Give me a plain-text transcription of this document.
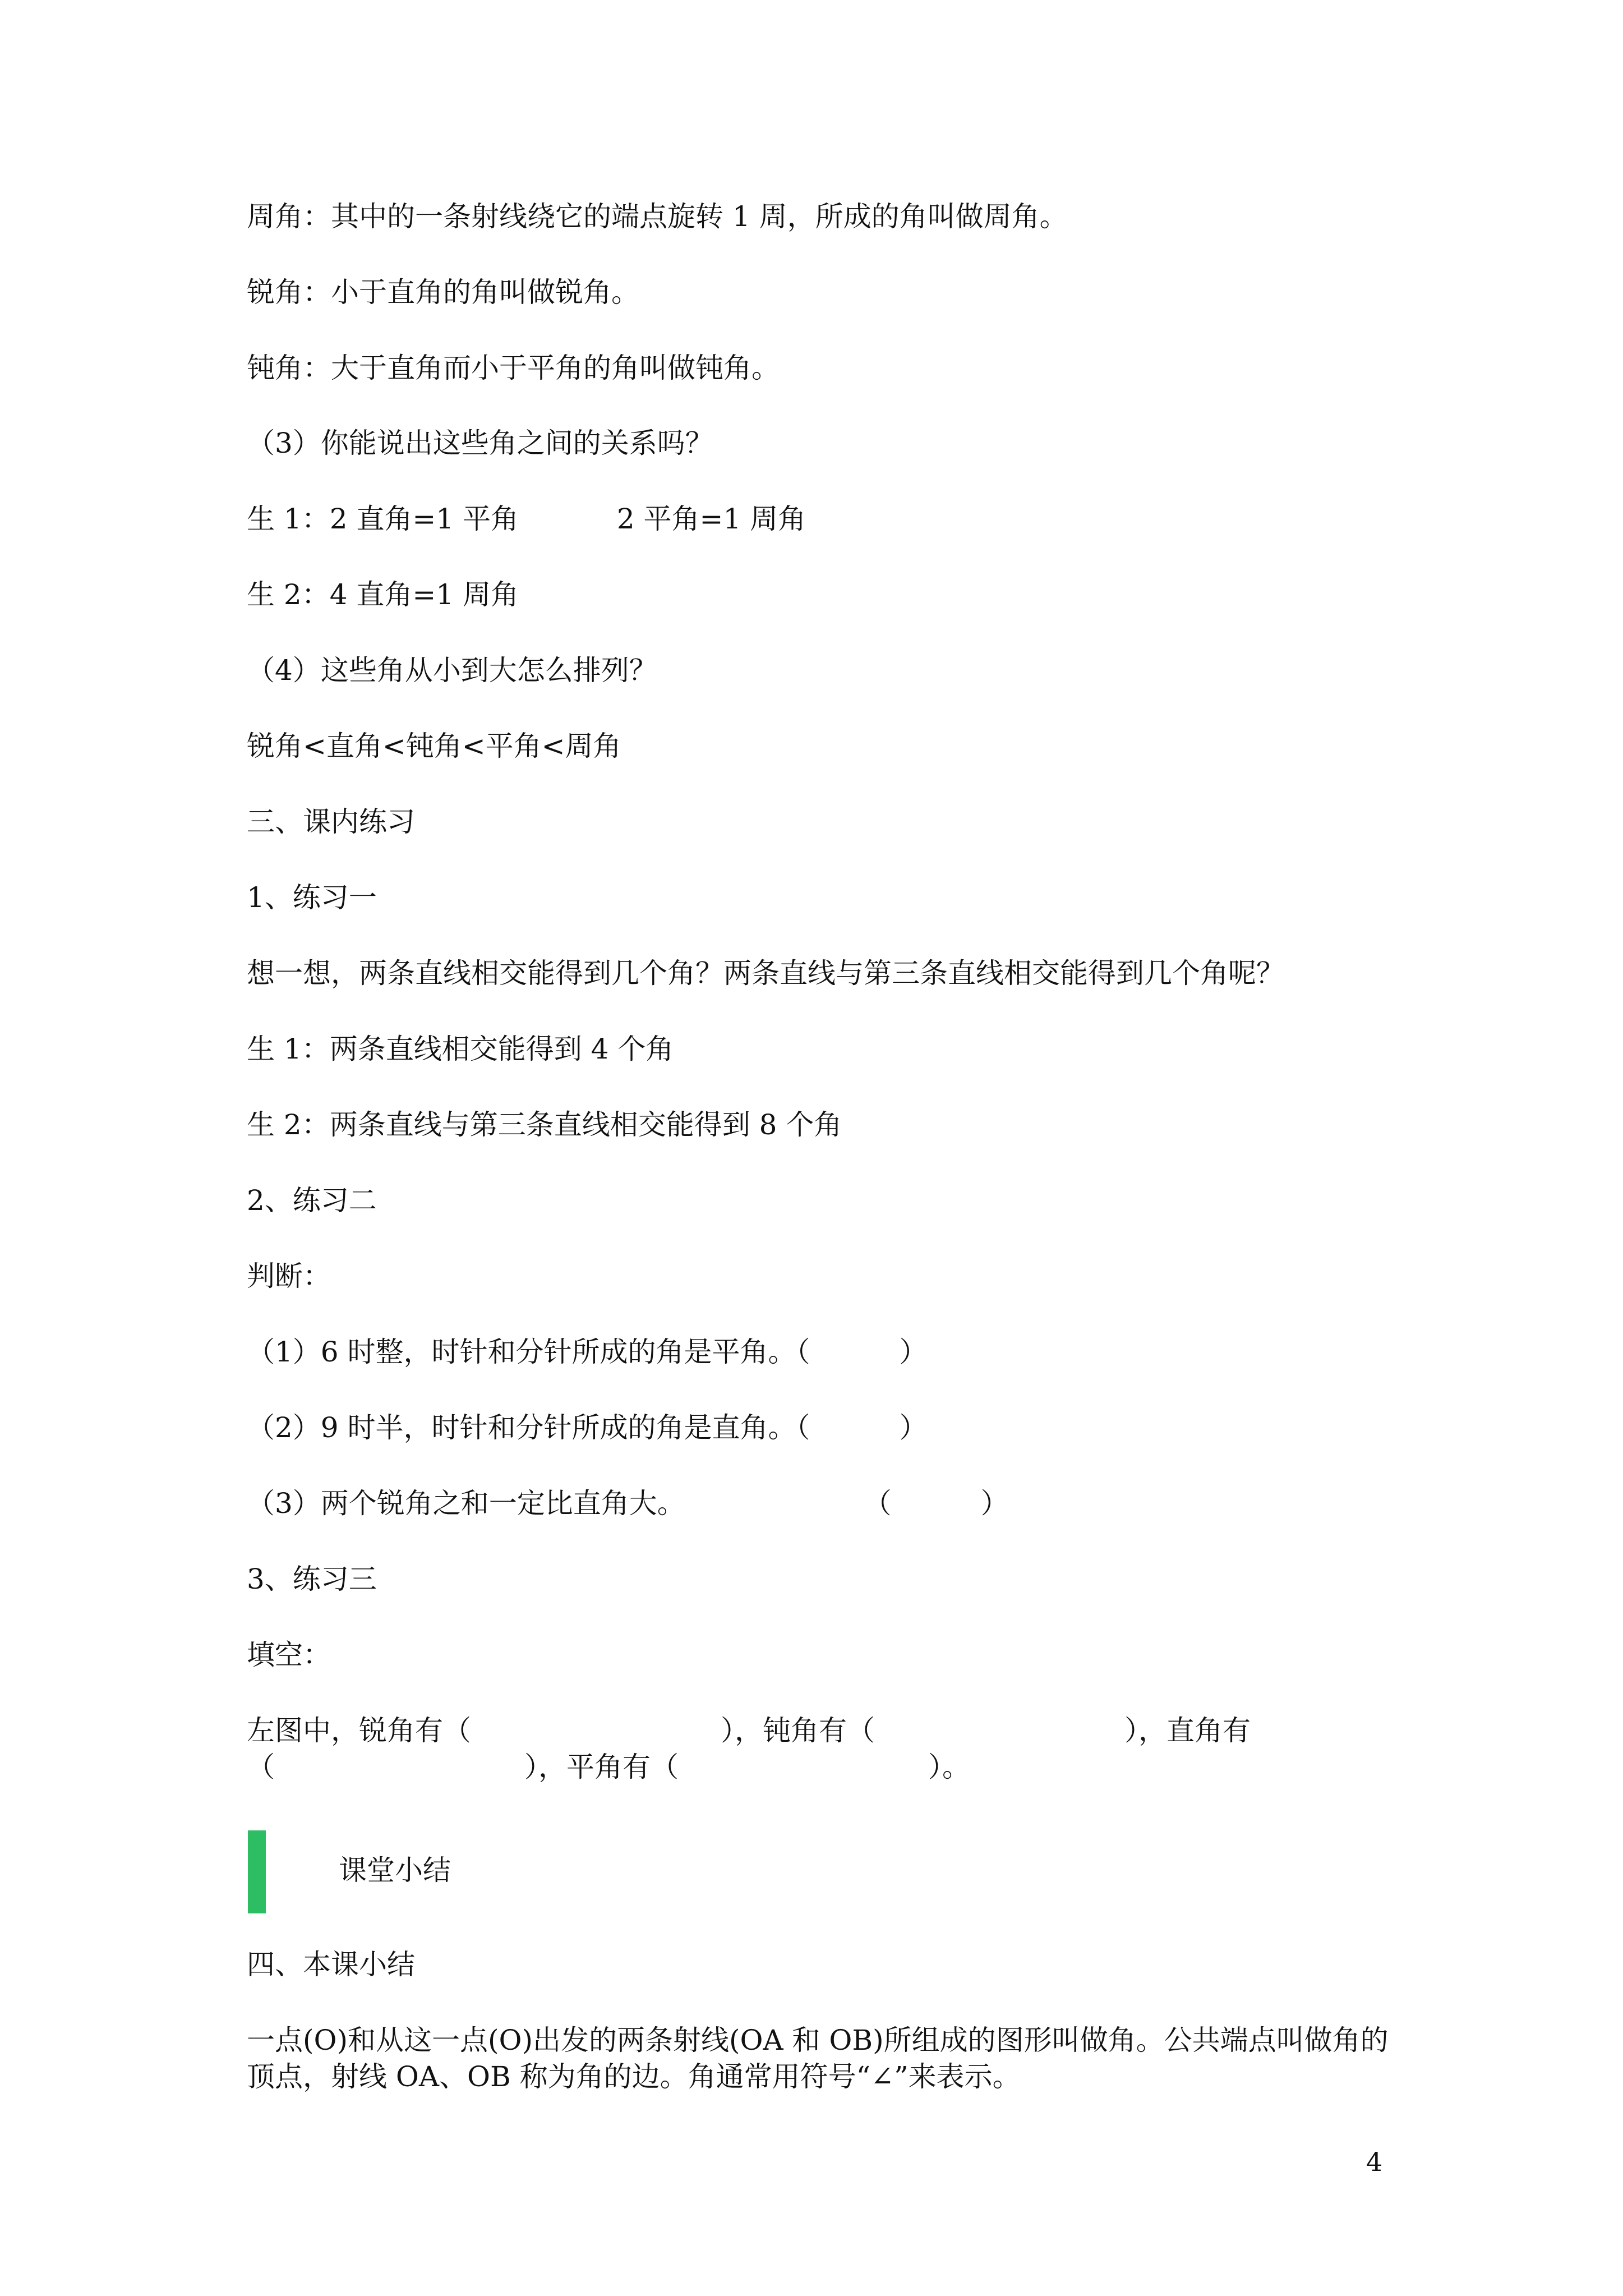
周角：其中的一条射线绕它的端点旋转 1 周，所成的角叫做周角。
锐角：小于直角的角叫做锐角。
钝角：大于直角而小于平角的角叫做钝角。
（3）你能说出这些角之间的关系吗？
生 1：2 直角=1 平角           2 平角=1 周角
生 2：4 直角=1 周角
（4）这些角从小到大怎么排列？
锐角<直角<钝角<平角<周角
三、课内练习
1、练习一
想一想，两条直线相交能得到几个角？两条直线与第三条直线相交能得到几个角呢？
生 1：两条直线相交能得到 4 个角
生 2：两条直线与第三条直线相交能得到 8 个角
2、练习二
判断：
（1）6 时整，时针和分针所成的角是平角。（          ）
（2）9 时半，时针和分针所成的角是直角。（          ）
（3）两个锐角之和一定比直角大。                    （          ）
3、练习三
填空：
左图中，锐角有（                            ），钝角有（                            ），直角有
（                            ），平角有（                            ）。
课堂小结
四、本课小结
一点(O)和从这一点(O)出发的两条射线(OA 和 OB)所组成的图形叫做角。公共端点叫做角的
顶点，射线 OA、OB 称为角的边。角通常用符号“∠”来表示。
4
